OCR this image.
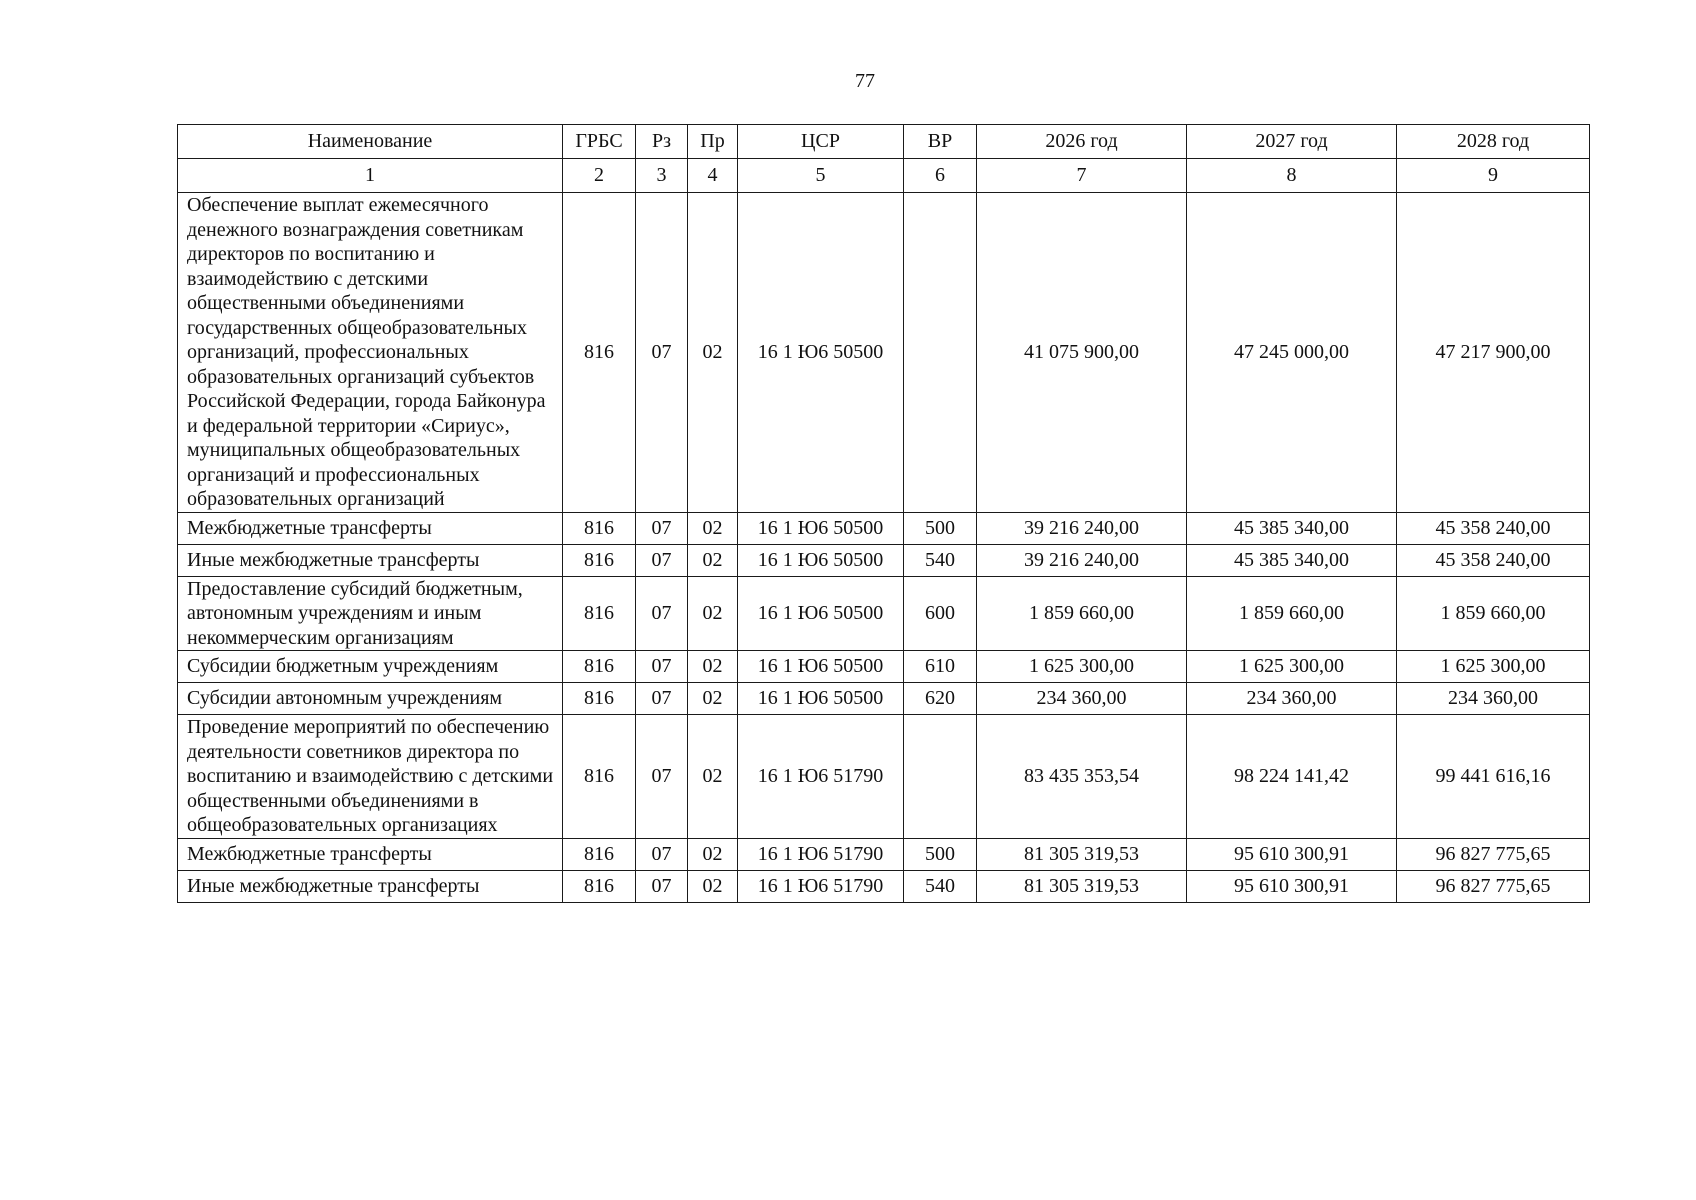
77
Наименование	ГРБС	Рз	Пр	ЦСР	ВР	2026 год	2027 год	2028 год
1	2	3	4	5	6	7	8	9
Обеспечение выплат ежемесячного денежного вознаграждения советникам директоров по воспитанию и взаимодействию с детскими общественными объединениями государственных общеобразовательных организаций, профессиональных образовательных организаций субъектов Российской Федерации, города Байконура и федеральной территории «Сириус», муниципальных общеобразовательных организаций и профессиональных образовательных организаций	816	07	02	16 1 Ю6 50500		41 075 900,00	47 245 000,00	47 217 900,00
Межбюджетные трансферты	816	07	02	16 1 Ю6 50500	500	39 216 240,00	45 385 340,00	45 358 240,00
Иные межбюджетные трансферты	816	07	02	16 1 Ю6 50500	540	39 216 240,00	45 385 340,00	45 358 240,00
Предоставление субсидий бюджетным, автономным учреждениям и иным некоммерческим организациям	816	07	02	16 1 Ю6 50500	600	1 859 660,00	1 859 660,00	1 859 660,00
Субсидии бюджетным учреждениям	816	07	02	16 1 Ю6 50500	610	1 625 300,00	1 625 300,00	1 625 300,00
Субсидии автономным учреждениям	816	07	02	16 1 Ю6 50500	620	234 360,00	234 360,00	234 360,00
Проведение мероприятий по обеспечению деятельности советников директора по воспитанию и взаимодействию с детскими общественными объединениями в общеобразовательных организациях	816	07	02	16 1 Ю6 51790		83 435 353,54	98 224 141,42	99 441 616,16
Межбюджетные трансферты	816	07	02	16 1 Ю6 51790	500	81 305 319,53	95 610 300,91	96 827 775,65
Иные межбюджетные трансферты	816	07	02	16 1 Ю6 51790	540	81 305 319,53	95 610 300,91	96 827 775,65
